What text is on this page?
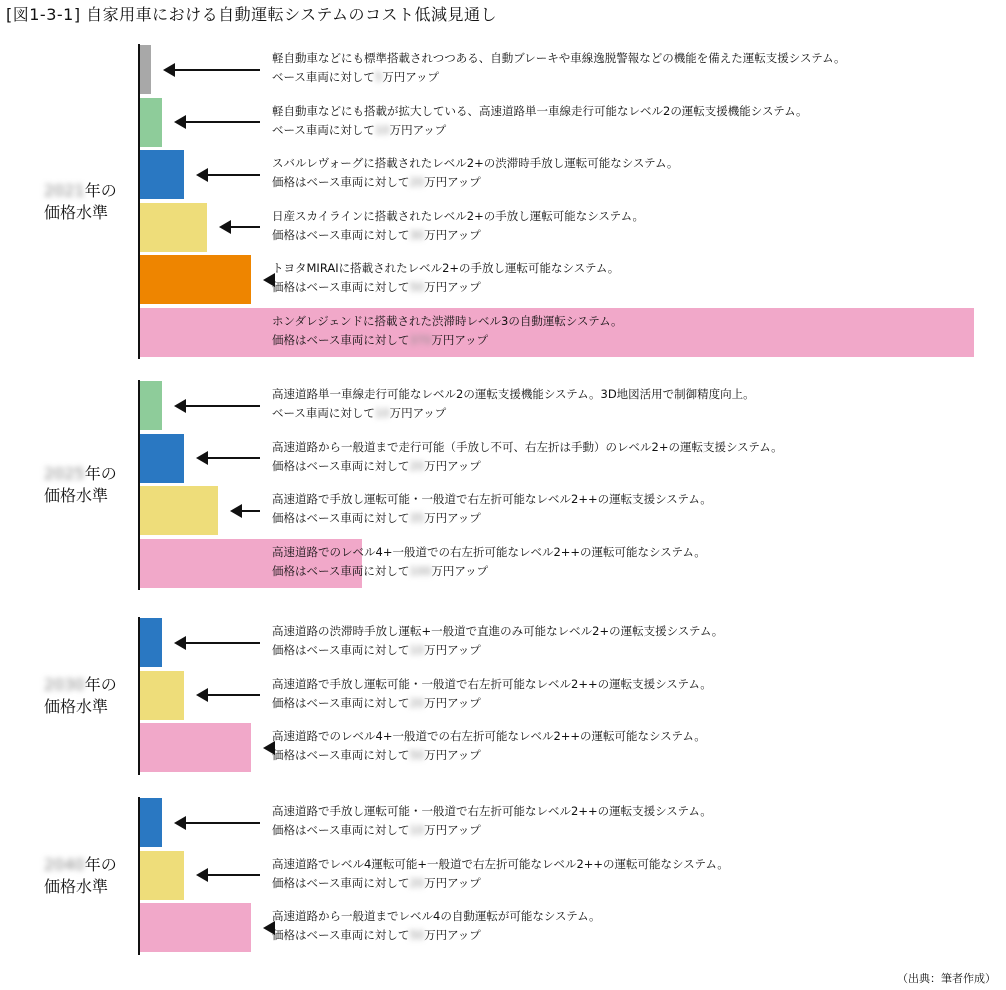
[図1-3-1] 自家用車における自動運転システムのコスト低減見通し
2021年の
価格水準
軽自動車などにも標準搭載されつつある、自動ブレーキや車線逸脱警報などの機能を備えた運転支援システム。
ベース車両に対して5万円アップ
軽自動車などにも搭載が拡大している、高速道路単一車線走行可能なレベル2の運転支援機能システム。
ベース車両に対して10万円アップ
スバルレヴォーグに搭載されたレベル2+の渋滞時手放し運転可能なシステム。
価格はベース車両に対して20万円アップ
日産スカイラインに搭載されたレベル2+の手放し運転可能なシステム。
価格はベース車両に対して30万円アップ
トヨタMIRAIに搭載されたレベル2+の手放し運転可能なシステム。
価格はベース車両に対して50万円アップ
ホンダレジェンドに搭載された渋滞時レベル3の自動運転システム。
価格はベース車両に対して370万円アップ
2025年の
価格水準
高速道路単一車線走行可能なレベル2の運転支援機能システム。3D地図活用で制御精度向上。
ベース車両に対して10万円アップ
高速道路から一般道まで走行可能（手放し不可、右左折は手動）のレベル2+の運転支援システム。
価格はベース車両に対して20万円アップ
高速道路で手放し運転可能・一般道で右左折可能なレベル2++の運転支援システム。
価格はベース車両に対して35万円アップ
高速道路でのレベル4+一般道での右左折可能なレベル2++の運転可能なシステム。
価格はベース車両に対して100万円アップ
2030年の
価格水準
高速道路の渋滞時手放し運転+一般道で直進のみ可能なレベル2+の運転支援システム。
価格はベース車両に対して10万円アップ
高速道路で手放し運転可能・一般道で右左折可能なレベル2++の運転支援システム。
価格はベース車両に対して20万円アップ
高速道路でのレベル4+一般道での右左折可能なレベル2++の運転可能なシステム。
価格はベース車両に対して50万円アップ
2040年の
価格水準
高速道路で手放し運転可能・一般道で右左折可能なレベル2++の運転支援システム。
価格はベース車両に対して10万円アップ
高速道路でレベル4運転可能+一般道で右左折可能なレベル2++の運転可能なシステム。
価格はベース車両に対して20万円アップ
高速道路から一般道までレベル4の自動運転が可能なシステム。
価格はベース車両に対して50万円アップ
（出典：筆者作成）
